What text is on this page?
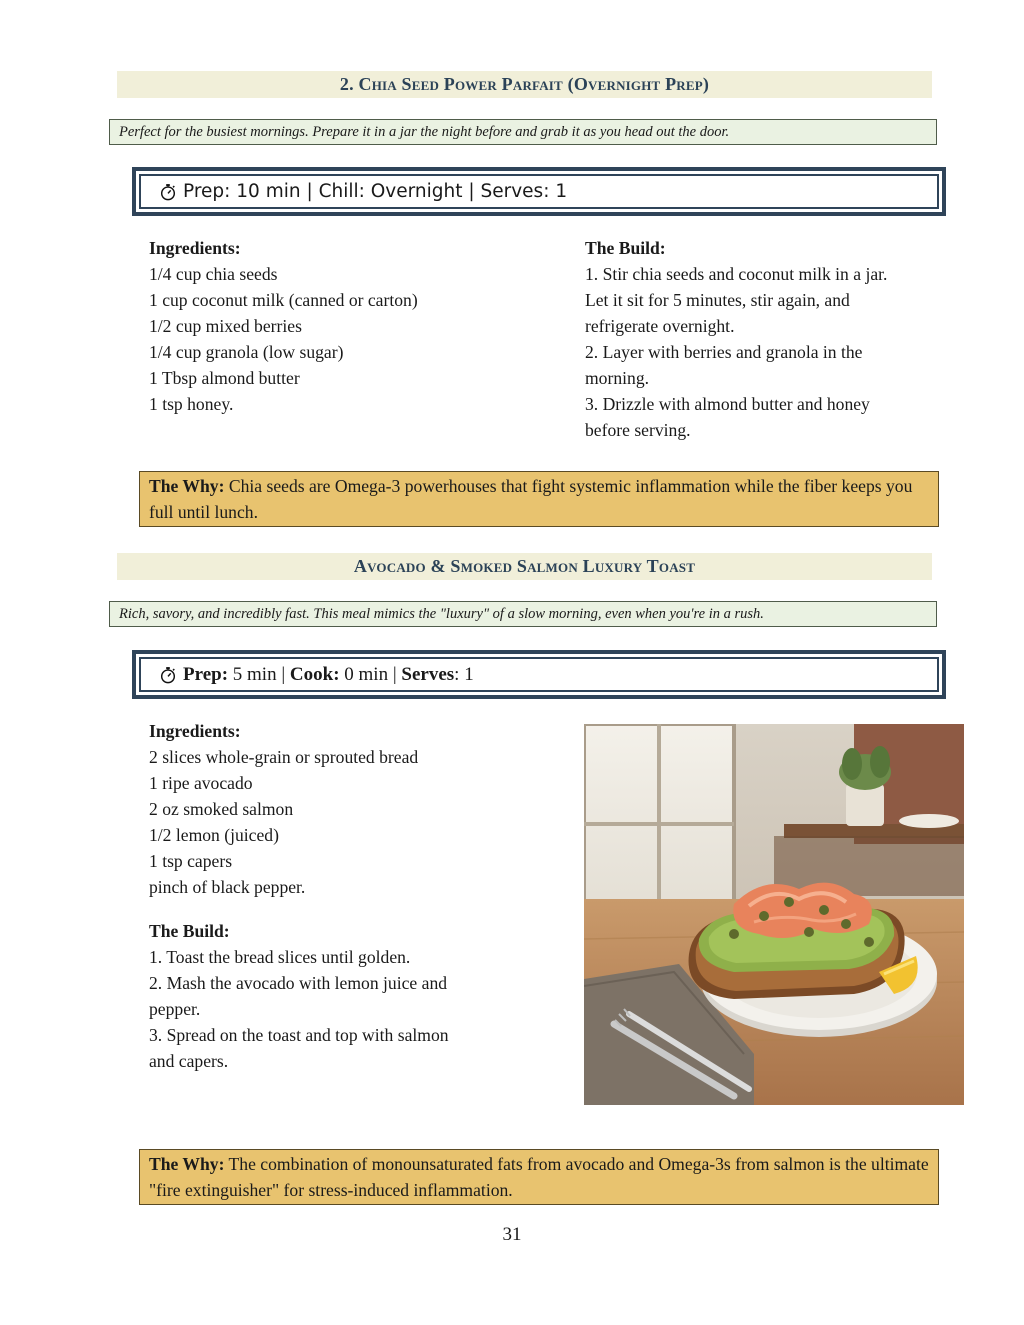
2. Chia Seed Power Parfait (Overnight Prep)
Perfect for the busiest mornings. Prepare it in a jar the night before and grab it as you head out the door.
Prep: 10 min | Chill: Overnight | Serves: 1
Ingredients:
1/4 cup chia seeds
1 cup coconut milk (canned or carton)
1/2 cup mixed berries
1/4 cup granola (low sugar)
1 Tbsp almond butter
1 tsp honey.
The Build:
1. Stir chia seeds and coconut milk in a jar.
Let it sit for 5 minutes, stir again, and
refrigerate overnight.
2. Layer with berries and granola in the
morning.
3. Drizzle with almond butter and honey
before serving.
The Why: Chia seeds are Omega-3 powerhouses that fight systemic inflammation while the fiber keeps you full until lunch.
Avocado & Smoked Salmon Luxury Toast
Rich, savory, and incredibly fast. This meal mimics the "luxury" of a slow morning, even when you're in a rush.
Prep: 5 min | Cook: 0 min | Serves : 1
Ingredients:
2 slices whole-grain or sprouted bread
1 ripe avocado
2 oz smoked salmon
1/2 lemon (juiced)
1 tsp capers
pinch of black pepper.
The Build:
1. Toast the bread slices until golden.
2. Mash the avocado with lemon juice and
pepper.
3. Spread on the toast and top with salmon
and capers.
The Why: The combination of monounsaturated fats from avocado and Omega-3s from salmon is the ultimate "fire extinguisher" for stress-induced inflammation.
31
